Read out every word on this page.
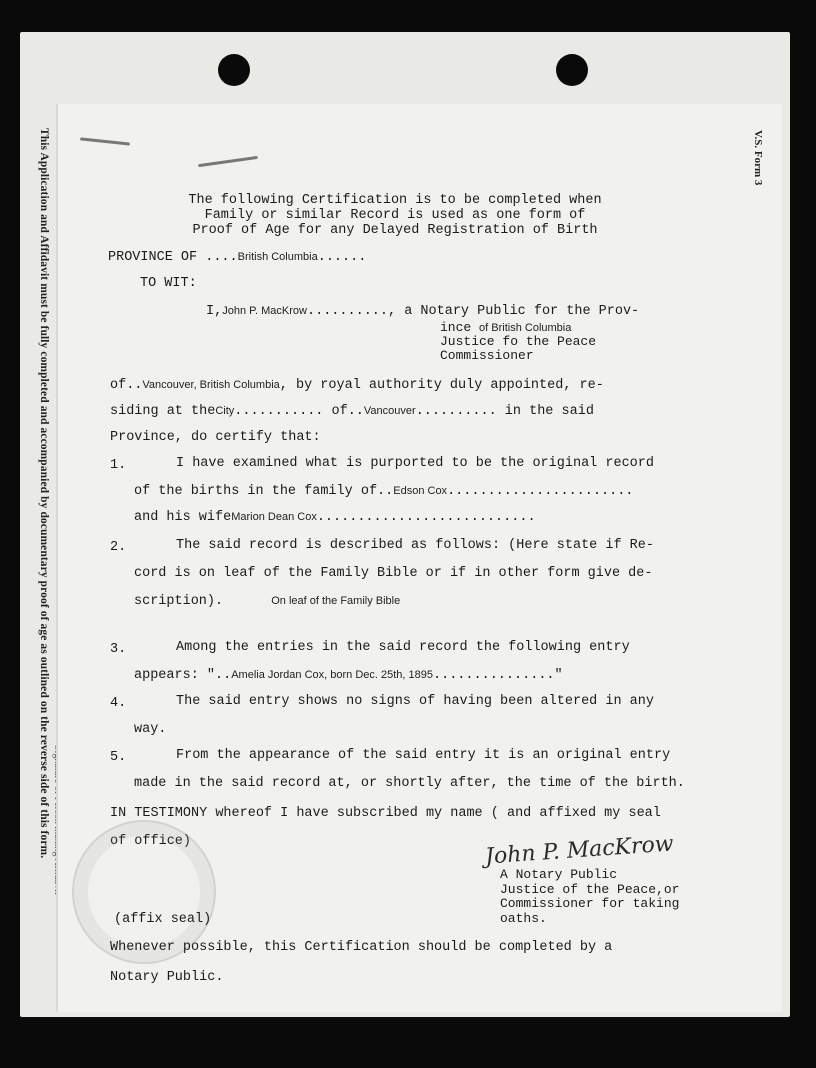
This Application and Affidavit must be fully completed and accompanied by documentary proof of age as outlined on the reverse side of this form.	V.S. Form 3
The following Certification is to be completed when
Family or similar Record is used as one form of
Proof of Age for any Delayed Registration of Birth
PROVINCE OF ....British Columbia......
TO WIT:
I,John P. MacKrow.........., a Notary Public for the Prov-
ince of British Columbia
Justice fo the Peace
Commissioner
of..Vancouver, British Columbia, by royal authority duly appointed, re-
siding at theCity........... of..Vancouver.......... in the said
Province, do certify that:
1.	I have examined what is purported to be the original record
of the births in the family of..Edson Cox.......................
and his wifeMarion Dean Cox...........................
2.	The said record is described as follows: (Here state if Re-
cord is on leaf of the Family Bible or if in other form give de-
scription).	On leaf of the Family Bible
3.	Among the entries in the said record the following entry
appears: "..Amelia Jordan Cox, born Dec. 25th, 1895..............."
4.	The said entry shows no signs of having been altered in any
way.
5.	From the appearance of the said entry it is an original entry
made in the said record at, or shortly after, the time of the birth.
IN TESTIMONY whereof I have subscribed my name ( and affixed my seal
of office)	John P. MacKrow
A Notary Public
Justice of the Peace,or
Commissioner for taking
oaths.
(affix seal)
Whenever possible, this Certification should be completed by a
Notary Public.
